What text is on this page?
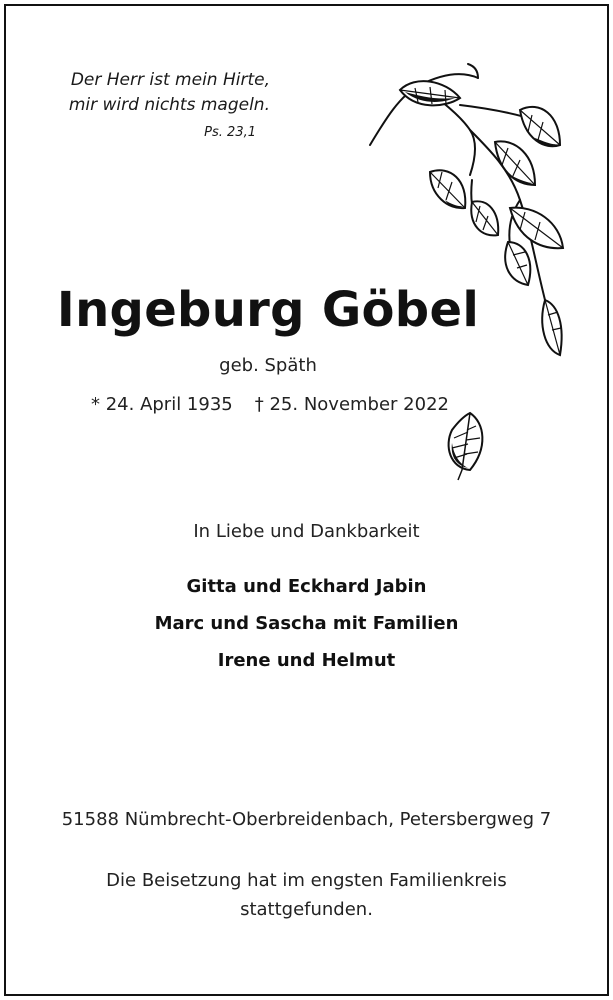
Der Herr ist mein Hirte,
mir wird nichts mageln.
Ps. 23,1
Ingeburg Göbel
geb. Späth
* 24. April 1935 † 25. November 2022
In Liebe und Dankbarkeit
Gitta und Eckhard Jabin
Marc und Sascha mit Familien
Irene und Helmut
51588 Nümbrecht-Oberbreidenbach, Petersbergweg 7
Die Beisetzung hat im engsten Familienkreis
stattgefunden.
